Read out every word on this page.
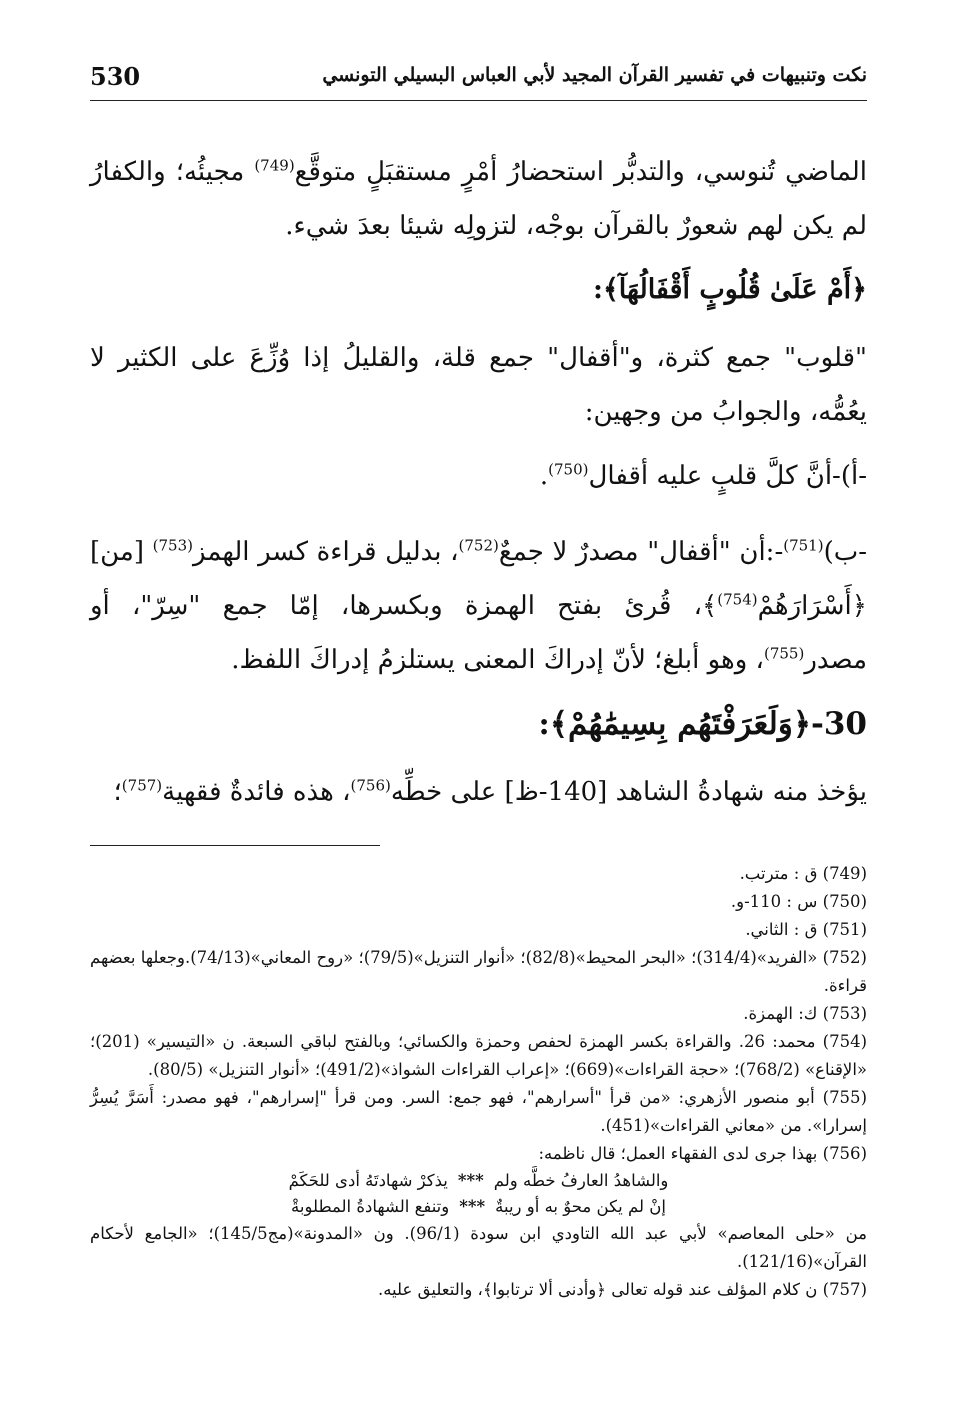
530	نكت وتنبيهات في تفسير القرآن المجيد لأبي العباس البسيلي التونسي

الماضي تُنوسي، والتدبُّر استحضارُ أمْرٍ مستقبَلٍ متوقَّع$^{(749)}$ مجيئُه؛ والكفارُ لم يكن لهم شعورٌ بالقرآن بوجْه، لتزولِه شيئا بعدَ شيء.

﴿أَمْ عَلَىٰ قُلُوبٍ أَقْفَالُهَآ﴾:

"قلوب" جمع كثرة، و"أقفال" جمع قلة، والقليلُ إذا وُزِّعَ على الكثير لا يعُمُّه، والجوابُ من وجهين:

-أ)-أنَّ كلَّ قلبٍ عليه أقفال$^{(750)}$.

-ب)$^{(751)}$-:أن "أقفال" مصدرٌ لا جمعٌ$^{(752)}$، بدليل قراءة كسر الهمز$^{(753)}$ [من] ﴿أَسْرَارَهُمْ$^{(754)}$﴾، قُرئ بفتح الهمزة وبكسرها، إمّا جمع "سِرّ"، أو مصدر$^{(755)}$، وهو أبلغ؛ لأنّ إدراكَ المعنى يستلزمُ إدراكَ اللفظ.

30-﴿وَلَعَرَفْتَهُم بِسِيمَٰهُمْ﴾:

يؤخذ منه شهادةُ الشاهد [140-ظ] على خطِّه$^{(756)}$، هذه فائدةٌ فقهية$^{(757)}$؛

(749) ق : مترتب.
(750) س : 110-و.
(751) ق : الثاني.
(752) «الفريد»(314/4)؛ «البحر المحيط»(82/8)؛ «أنوار التنزيل»(79/5)؛ «روح المعاني»(74/13).وجعلها بعضهم قراءة.
(753) ك: الهمزة.
(754) محمد: 26. والقراءة بكسر الهمزة لحفص وحمزة والكسائي؛ وبالفتح لباقي السبعة. ن «التيسير» (201)؛ «الإقناع» (768/2)؛ «حجة القراءات»(669)؛ «إعراب القراءات الشواذ»(491/2)؛ «أنوار التنزيل» (80/5).
(755) أبو منصور الأزهري: «من قرأ "أسرارهم"، فهو جمع: السر. ومن قرأ "إسرارهم"، فهو مصدر: أَسَرَّ يُسِرُّ إسرارا». من «معاني القراءات»(451).
(756) بهذا جرى لدى الفقهاء العمل؛ قال ناظمه:
والشاهدُ العارفُ خطَّه ولم***يذكرْ شهادتَهُ أدى للحَكَمْ
إنْ لم يكن محوٌ به أو ريبةٌ***وتنفع الشهادةُ المطلوبةْ
من «حلى المعاصم» لأبي عبد الله التاودي ابن سودة (96/1). ون «المدونة»(مج145/5)؛ «الجامع لأحكام القرآن»(121/16).
(757) ن كلام المؤلف عند قوله تعالى ﴿وأدنى ألا ترتابوا﴾، والتعليق عليه.
